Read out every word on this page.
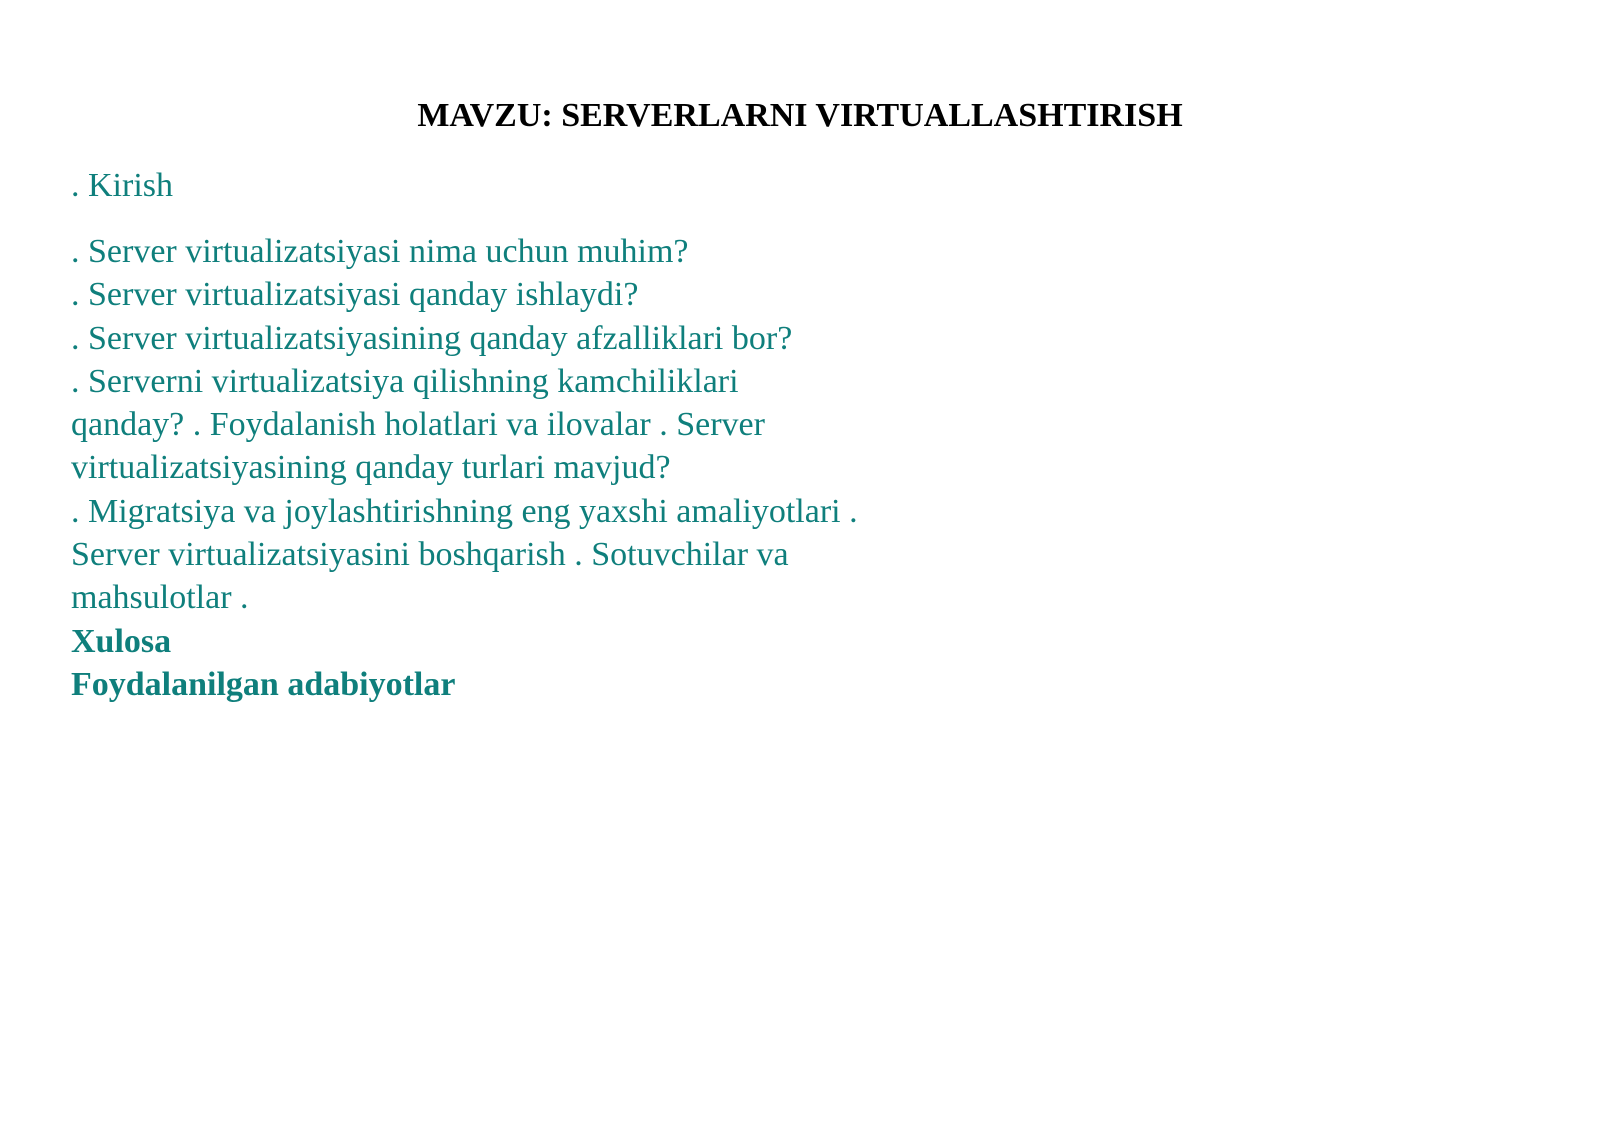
MAVZU: SERVERLARNI VIRTUALLASHTIRISH

. Kirish

. Server virtualizatsiyasi nima uchun muhim?
. Server virtualizatsiyasi qanday ishlaydi?
. Server virtualizatsiyasining qanday afzalliklari bor?
. Serverni virtualizatsiya qilishning kamchiliklari
qanday? . Foydalanish holatlari va ilovalar . Server
virtualizatsiyasining qanday turlari mavjud?
. Migratsiya va joylashtirishning eng yaxshi amaliyotlari .
Server virtualizatsiyasini boshqarish . Sotuvchilar va
mahsulotlar .
Xulosa
Foydalanilgan adabiyotlar
